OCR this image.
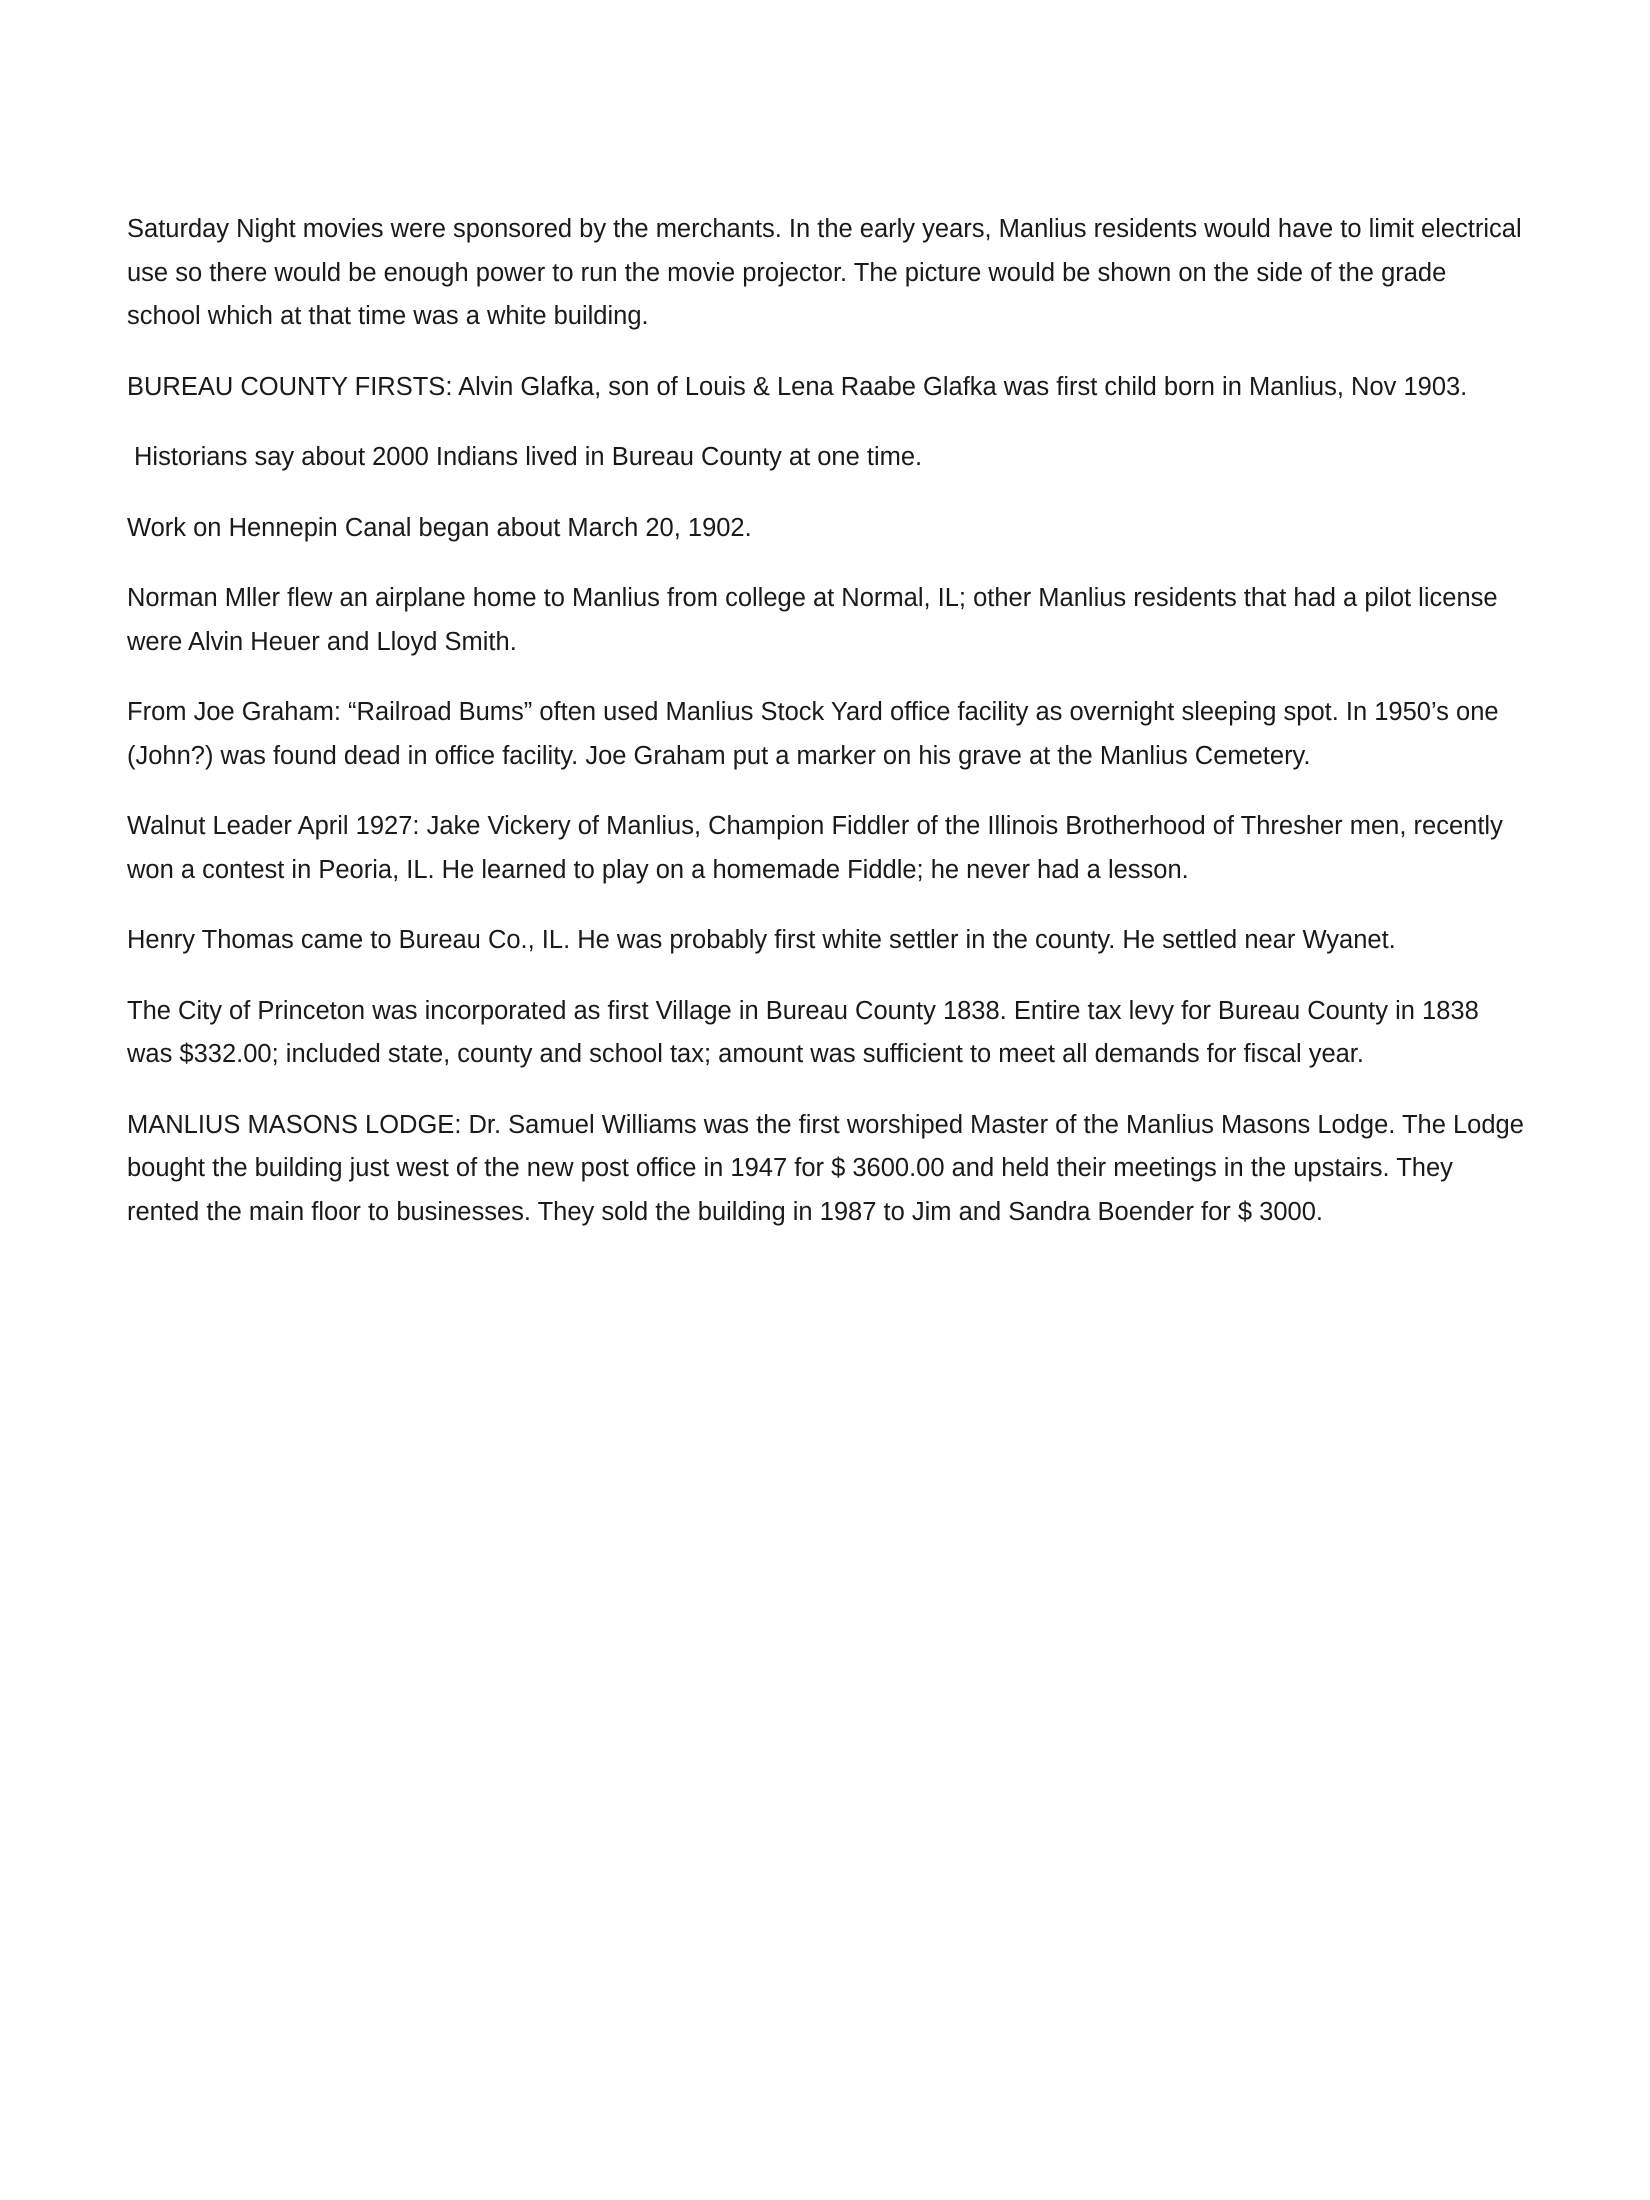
Saturday Night movies were sponsored by the merchants. In the early years, Manlius residents would have to limit electrical use so there would be enough power to run the movie projector. The picture would be shown on the side of the grade school which at that time was a white building.

BUREAU COUNTY FIRSTS: Alvin Glafka, son of Louis & Lena Raabe Glafka was first child born in Manlius, Nov 1903.

Historians say about 2000 Indians lived in Bureau County at one time.

Work on Hennepin Canal began about March 20, 1902.

Norman Mller flew an airplane home to Manlius from college at Normal, IL; other Manlius residents that had a pilot license were Alvin Heuer and Lloyd Smith.

From Joe Graham: “Railroad Bums” often used Manlius Stock Yard office facility as overnight sleeping spot. In 1950’s one (John?) was found dead in office facility. Joe Graham put a marker on his grave at the Manlius Cemetery.

Walnut Leader April 1927: Jake Vickery of Manlius, Champion Fiddler of the Illinois Brotherhood of Thresher men, recently won a contest in Peoria, IL. He learned to play on a homemade Fiddle; he never had a lesson.

Henry Thomas came to Bureau Co., IL. He was probably first white settler in the county. He settled near Wyanet.

The City of Princeton was incorporated as first Village in Bureau County 1838. Entire tax levy for Bureau County in 1838 was $332.00; included state, county and school tax; amount was sufficient to meet all demands for fiscal year.

MANLIUS MASONS LODGE: Dr. Samuel Williams was the first worshiped Master of the Manlius Masons Lodge. The Lodge bought the building just west of the new post office in 1947 for $ 3600.00 and held their meetings in the upstairs. They rented the main floor to businesses. They sold the building in 1987 to Jim and Sandra Boender for $ 3000.
